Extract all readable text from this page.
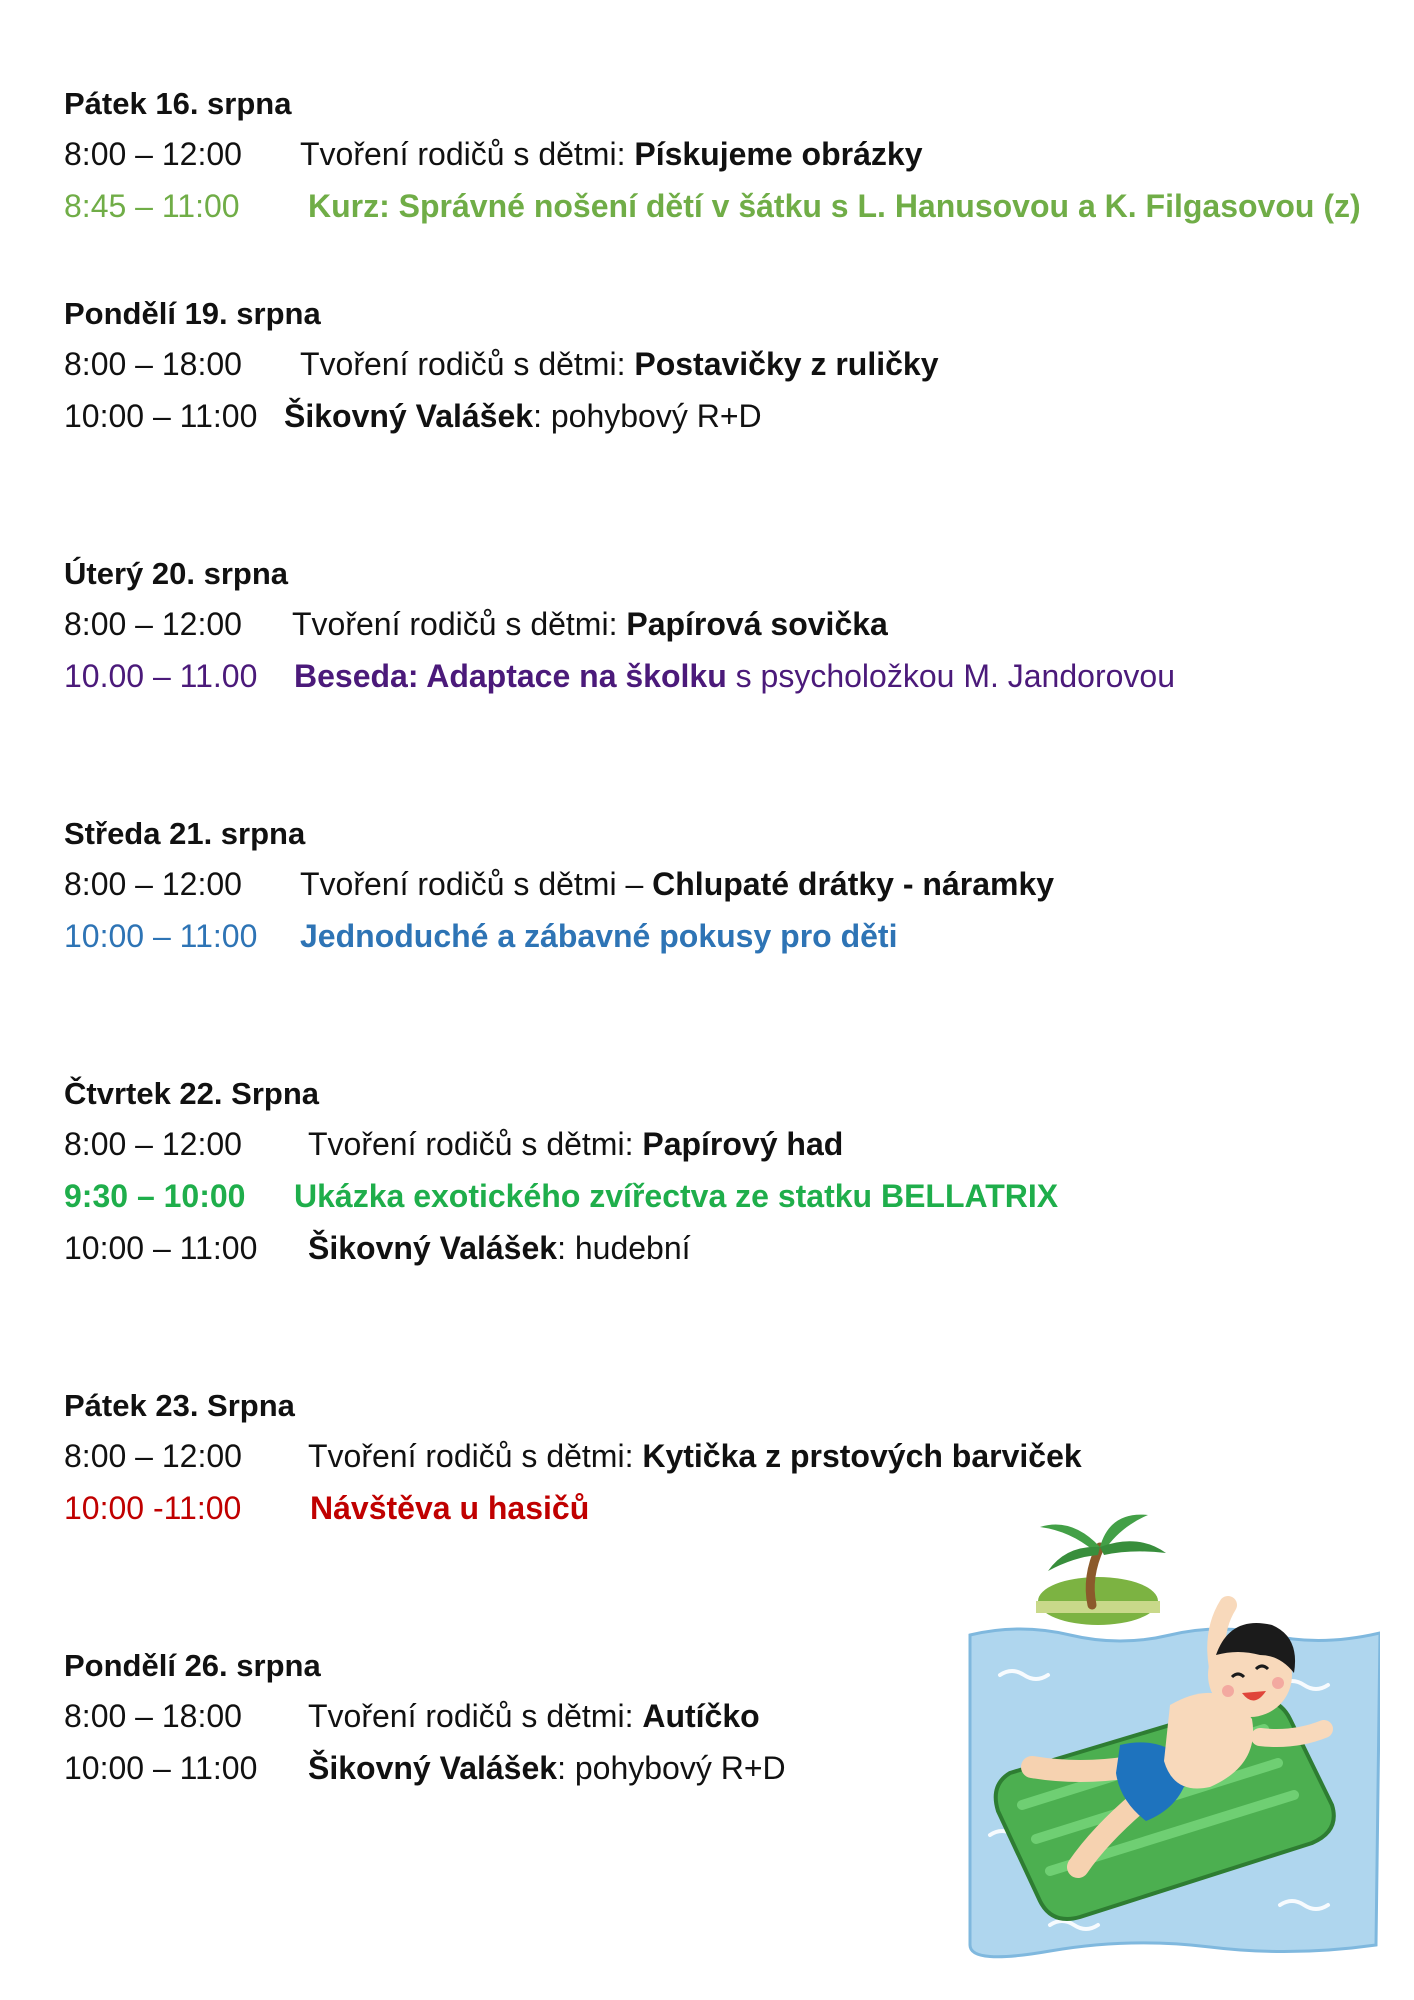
Pátek 16. srpna
8:00 – 12:00 Tvoření rodičů s dětmi: Pískujeme obrázky
8:45 – 11:00 Kurz: Správné nošení dětí v šátku s L. Hanusovou a K. Filgasovou (z)
Pondělí 19. srpna
8:00 – 18:00 Tvoření rodičů s dětmi: Postavičky z ruličky
10:00 – 11:00 Šikovný Valášek: pohybový R+D
Úterý 20. srpna
8:00 – 12:00 Tvoření rodičů s dětmi: Papírová sovička
10.00 – 11.00 Beseda: Adaptace na školku s psycholožkou M. Jandorovou
Středa 21. srpna
8:00 – 12:00 Tvoření rodičů s dětmi – Chlupaté drátky - náramky
10:00 – 11:00 Jednoduché a zábavné pokusy pro děti
Čtvrtek 22. Srpna
8:00 – 12:00 Tvoření rodičů s dětmi: Papírový had
9:30 – 10:00 Ukázka exotického zvířectva ze statku BELLATRIX
10:00 – 11:00 Šikovný Valášek: hudební
Pátek 23. Srpna
8:00 – 12:00 Tvoření rodičů s dětmi: Kytička z prstových barviček
10:00 -11:00 Návštěva u hasičů
Pondělí 26. srpna
8:00 – 18:00 Tvoření rodičů s dětmi: Autíčko
10:00 – 11:00 Šikovný Valášek: pohybový R+D
